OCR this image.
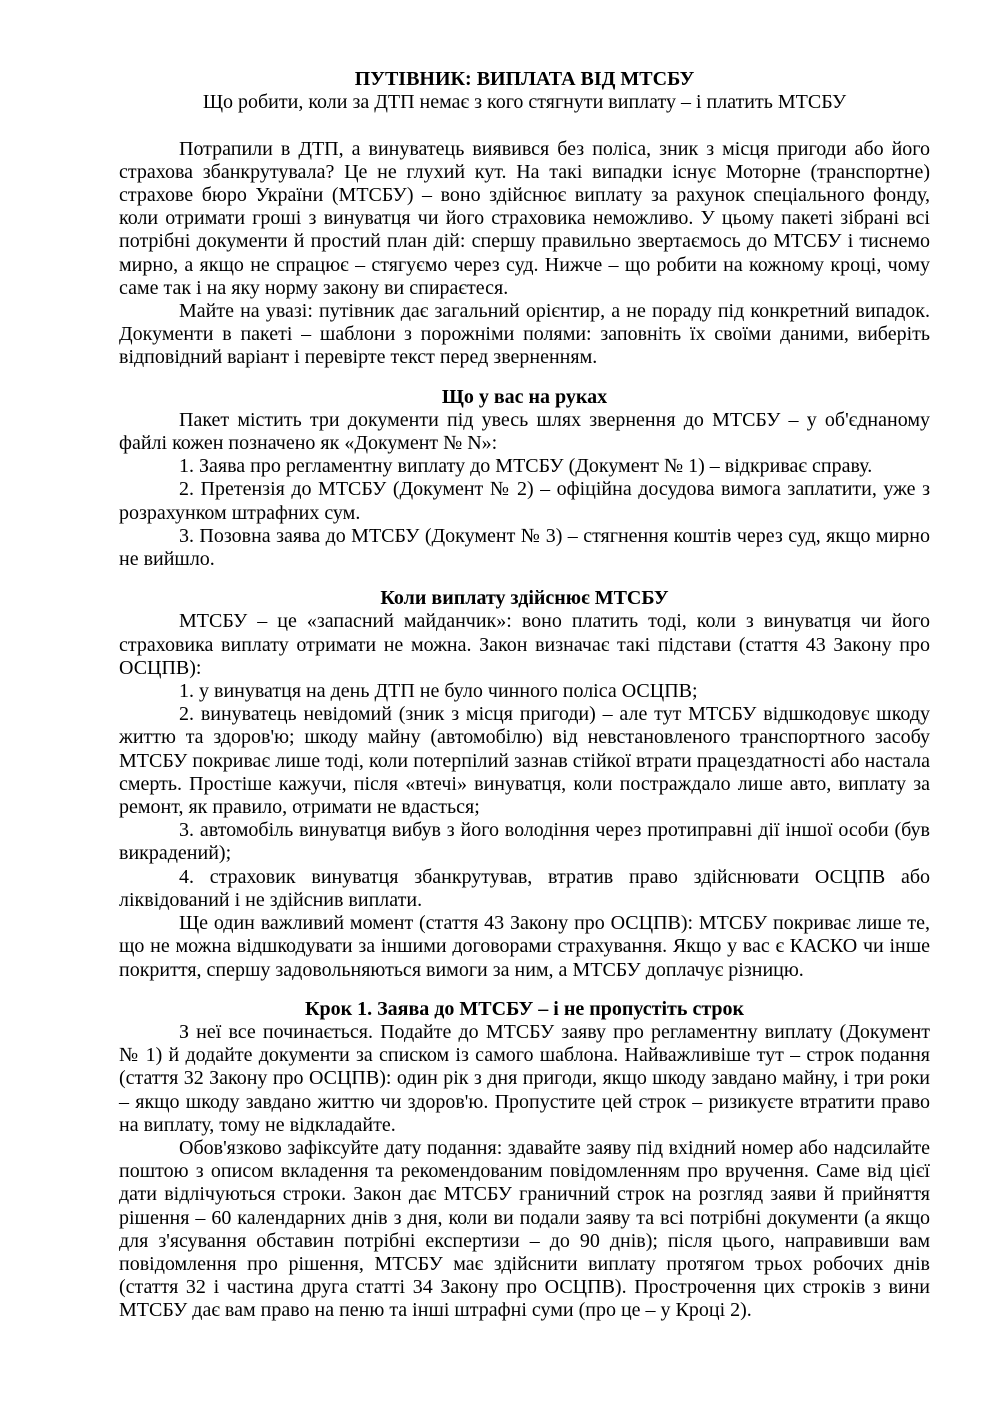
ПУТІВНИК: ВИПЛАТА ВІД МТСБУ
Що робити, коли за ДТП немає з кого стягнути виплату – і платить МТСБУ

Потрапили в ДТП, а винуватець виявився без поліса, зник з місця пригоди або його страхова збанкрутувала? Це не глухий кут. На такі випадки існує Моторне (транспортне) страхове бюро України (МТСБУ) – воно здійснює виплату за рахунок спеціального фонду, коли отримати гроші з винуватця чи його страховика неможливо. У цьому пакеті зібрані всі потрібні документи й простий план дій: спершу правильно звертаємось до МТСБУ і тиснемо мирно, а якщо не спрацює – стягуємо через суд. Нижче – що робити на кожному кроці, чому саме так і на яку норму закону ви спираєтеся.

Майте на увазі: путівник дає загальний орієнтир, а не пораду під конкретний випадок. Документи в пакеті – шаблони з порожніми полями: заповніть їх своїми даними, виберіть відповідний варіант і перевірте текст перед зверненням.

Що у вас на руках

Пакет містить три документи під увесь шлях звернення до МТСБУ – у об'єднаному файлі кожен позначено як «Документ № N»:

1. Заява про регламентну виплату до МТСБУ (Документ № 1) – відкриває справу.

2. Претензія до МТСБУ (Документ № 2) – офіційна досудова вимога заплатити, уже з розрахунком штрафних сум.

3. Позовна заява до МТСБУ (Документ № 3) – стягнення коштів через суд, якщо мирно не вийшло.

Коли виплату здійснює МТСБУ

МТСБУ – це «запасний майданчик»: воно платить тоді, коли з винуватця чи його страховика виплату отримати не можна. Закон визначає такі підстави (стаття 43 Закону про ОСЦПВ):

1. у винуватця на день ДТП не було чинного поліса ОСЦПВ;

2. винуватець невідомий (зник з місця пригоди) – але тут МТСБУ відшкодовує шкоду життю та здоров'ю; шкоду майну (автомобілю) від невстановленого транспортного засобу МТСБУ покриває лише тоді, коли потерпілий зазнав стійкої втрати працездатності або настала смерть. Простіше кажучи, після «втечі» винуватця, коли постраждало лише авто, виплату за ремонт, як правило, отримати не вдасться;

3. автомобіль винуватця вибув з його володіння через протиправні дії іншої особи (був викрадений);

4. страховик винуватця збанкрутував, втратив право здійснювати ОСЦПВ або ліквідований і не здійснив виплати.

Ще один важливий момент (стаття 43 Закону про ОСЦПВ): МТСБУ покриває лише те, що не можна відшкодувати за іншими договорами страхування. Якщо у вас є КАСКО чи інше покриття, спершу задовольняються вимоги за ним, а МТСБУ доплачує різницю.

Крок 1. Заява до МТСБУ – і не пропустіть строк

З неї все починається. Подайте до МТСБУ заяву про регламентну виплату (Документ № 1) й додайте документи за списком із самого шаблона. Найважливіше тут – строк подання (стаття 32 Закону про ОСЦПВ): один рік з дня пригоди, якщо шкоду завдано майну, і три роки – якщо шкоду завдано життю чи здоров'ю. Пропустите цей строк – ризикуєте втратити право на виплату, тому не відкладайте.

Обов'язково зафіксуйте дату подання: здавайте заяву під вхідний номер або надсилайте поштою з описом вкладення та рекомендованим повідомленням про вручення. Саме від цієї дати відлічуються строки. Закон дає МТСБУ граничний строк на розгляд заяви й прийняття рішення – 60 календарних днів з дня, коли ви подали заяву та всі потрібні документи (а якщо для з'ясування обставин потрібні експертизи – до 90 днів); після цього, направивши вам повідомлення про рішення, МТСБУ має здійснити виплату протягом трьох робочих днів (стаття 32 і частина друга статті 34 Закону про ОСЦПВ). Прострочення цих строків з вини МТСБУ дає вам право на пеню та інші штрафні суми (про це – у Кроці 2).
